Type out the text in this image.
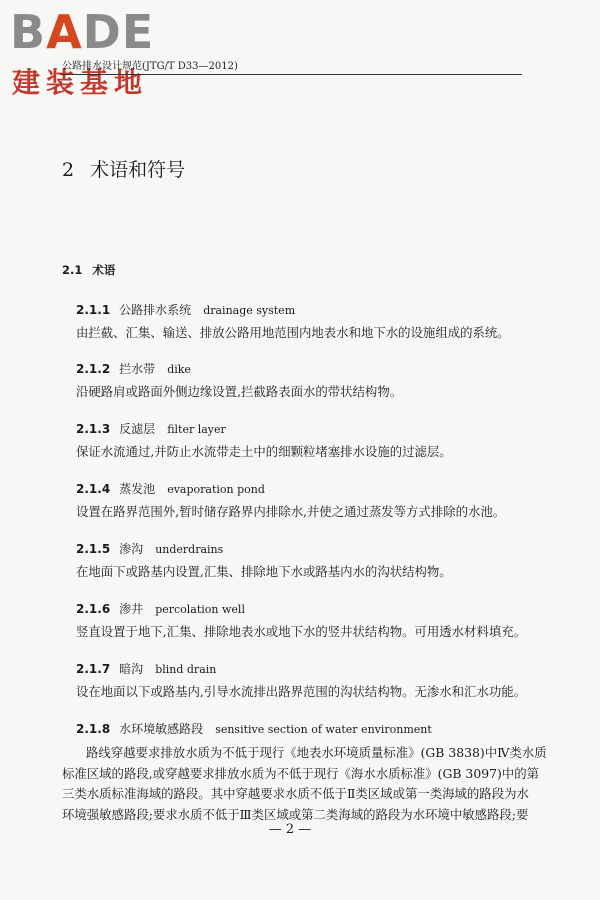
BADE
建装基地
公路排水设计规范(JTG/T D33—2012)
2 术语和符号
2.1 术语
2.1.1 公路排水系统 drainage system
由拦截、汇集、输送、排放公路用地范围内地表水和地下水的设施组成的系统。
2.1.2 拦水带 dike
沿硬路肩或路面外侧边缘设置,拦截路表面水的带状结构物。
2.1.3 反滤层 filter layer
保证水流通过,并防止水流带走土中的细颗粒堵塞排水设施的过滤层。
2.1.4 蒸发池 evaporation pond
设置在路界范围外,暂时储存路界内排除水,并使之通过蒸发等方式排除的水池。
2.1.5 渗沟 underdrains
在地面下或路基内设置,汇集、排除地下水或路基内水的沟状结构物。
2.1.6 渗井 percolation well
竖直设置于地下,汇集、排除地表水或地下水的竖井状结构物。可用透水材料填充。
2.1.7 暗沟 blind drain
设在地面以下或路基内,引导水流排出路界范围的沟状结构物。无渗水和汇水功能。
2.1.8 水环境敏感路段 sensitive section of water environment
路线穿越要求排放水质为不低于现行《地表水环境质量标准》(GB 3838)中Ⅳ类水质
标准区域的路段,或穿越要求排放水质为不低于现行《海水水质标准》(GB 3097)中的第
三类水质标准海域的路段。其中穿越要求水质不低于Ⅱ类区域或第一类海域的路段为水
环境强敏感路段;要求水质不低于Ⅲ类区域或第二类海域的路段为水环境中敏感路段;要
— 2 —
